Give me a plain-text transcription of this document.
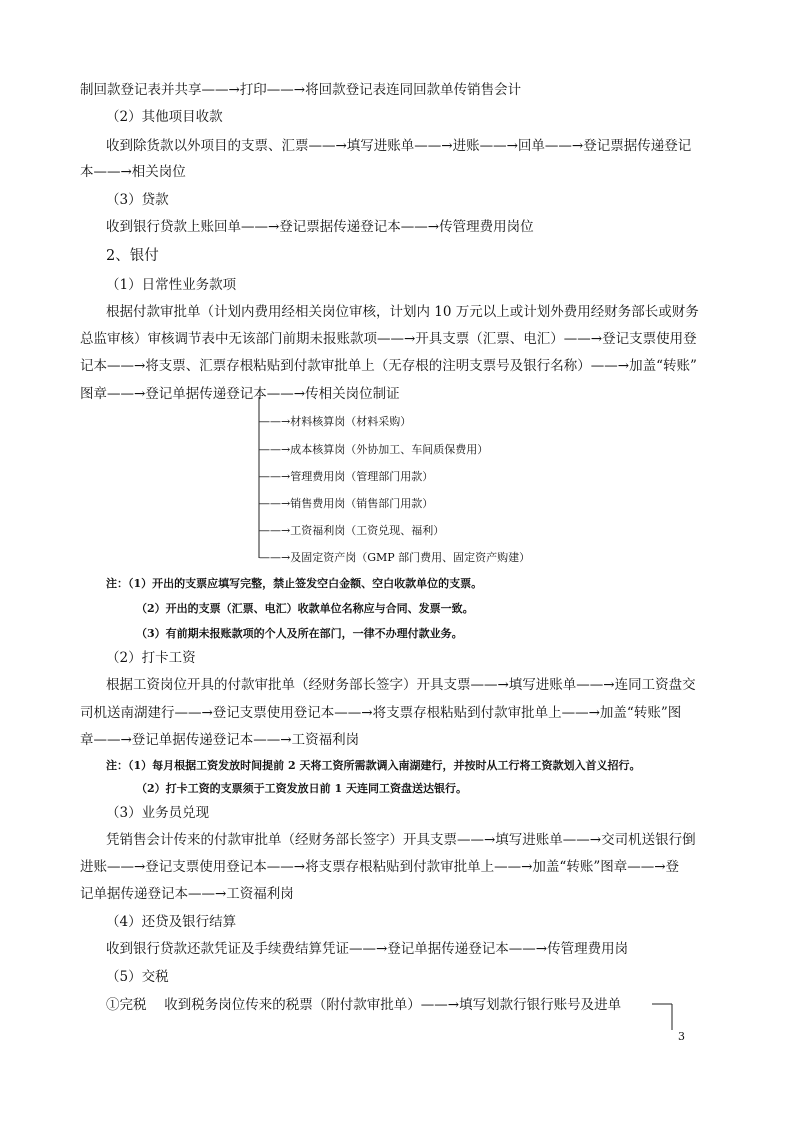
制回款登记表并共享——→打印——→将回款登记表连同回款单传销售会计
（2）其他项目收款
收到除货款以外项目的支票、汇票——→填写进账单——→进账——→回单——→登记票据传递登记
本——→相关岗位
（3）贷款
收到银行贷款上账回单——→登记票据传递登记本——→传管理费用岗位
2、银付
（1）日常性业务款项
根据付款审批单（计划内费用经相关岗位审核，计划内 10 万元以上或计划外费用经财务部长或财务
总监审核）审核调节表中无该部门前期未报账款项——→开具支票（汇票、电汇）——→登记支票使用登
记本——→将支票、汇票存根粘贴到付款审批单上（无存根的注明支票号及银行名称）——→加盖“转账”
图章——→登记单据传递登记本——→传相关岗位制证
——→材料核算岗（材料采购）
——→成本核算岗（外协加工、车间质保费用）
——→管理费用岗（管理部门用款）
——→销售费用岗（销售部门用款）
——→工资福利岗（工资兑现、福利）
——→及固定资产岗（GMP 部门费用、固定资产购建）
注：（1）开出的支票应填写完整，禁止签发空白金额、空白收款单位的支票。
（2）开出的支票（汇票、电汇）收款单位名称应与合同、发票一致。
（3）有前期未报账款项的个人及所在部门，一律不办理付款业务。
（2）打卡工资
根据工资岗位开具的付款审批单（经财务部长签字）开具支票——→填写进账单——→连同工资盘交
司机送南湖建行——→登记支票使用登记本——→将支票存根粘贴到付款审批单上——→加盖“转账”图
章——→登记单据传递登记本——→工资福利岗
注：（1）每月根据工资发放时间提前 2 天将工资所需款调入南湖建行，并按时从工行将工资款划入首义招行。
（2）打卡工资的支票须于工资发放日前 1 天连同工资盘送达银行。
（3）业务员兑现
凭销售会计传来的付款审批单（经财务部长签字）开具支票——→填写进账单——→交司机送银行倒
进账——→登记支票使用登记本——→将支票存根粘贴到付款审批单上——→加盖“转账”图章——→登
记单据传递登记本——→工资福利岗
（4）还贷及银行结算
收到银行贷款还款凭证及手续费结算凭证——→登记单据传递登记本——→传管理费用岗
（5）交税
①完税　 收到税务岗位传来的税票（附付款审批单）——→填写划款行银行账号及进单
3
